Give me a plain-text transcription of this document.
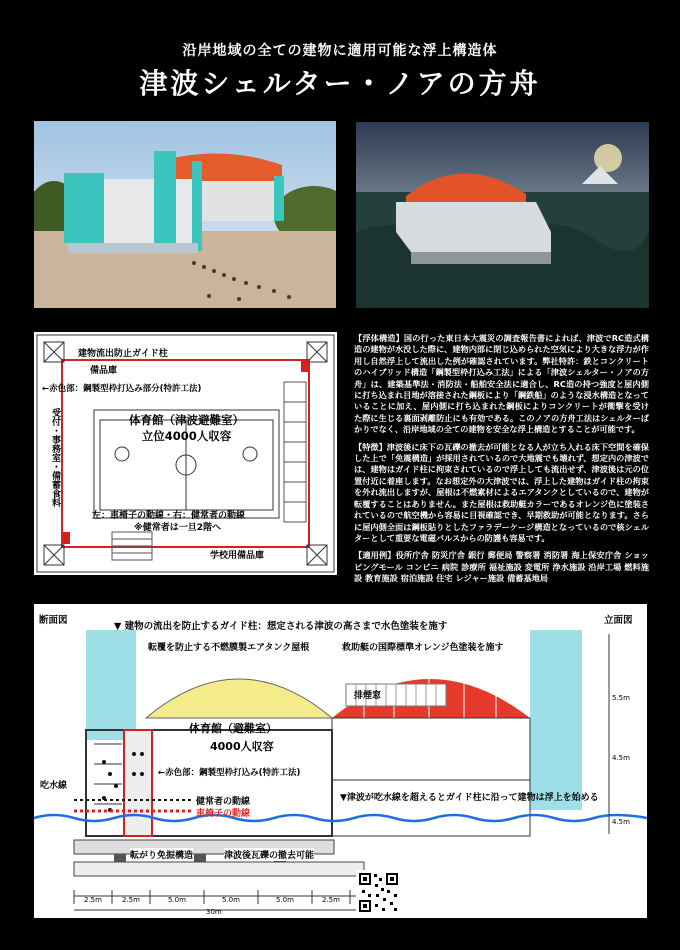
沿岸地域の全ての建物に適用可能な浮上構造体
津波シェルター・ノアの方舟
建物流出防止ガイド柱
備品庫
←赤色部：鋼製型枠打込み部分(特許工法)
受付・事務室・備蓄食料	体育館（津波避難室）
立位4000人収容
左：車椅子の動線・右：健常者の動線
※健常者は一旦2階へ
学校用備品庫

【浮体構造】国の行った東日本大震災の調査報告書によれば、津波でRC造式構造の建物が水没した際に、建物内部に閉じ込められた空気により大きな浮力が作用し自然浮上して流出した例が確認されています。弊社特許：鉄とコンクリートのハイブリッド構造「鋼製型枠打込み工法」による「津波シェルター・ノアの方舟」は、建築基準法・消防法・船舶安全法に適合し、RC造の持つ強度と屋内側に打ち込まれ目地が溶接された鋼板により「鋼鉄船」のような浸水構造となっていることに加え、屋内側に打ち込まれた鋼板によりコンクリートが衝撃を受けた際に生じる裏面剥離防止にも有効である。このノアの方舟工法はシェルターばかりでなく、沿岸地域の全ての建物を安全な浮上構造とすることが可能です。

【特徴】津波後に床下の瓦礫の撤去が可能となる人が立ち入れる床下空間を確保した上で「免震構造」が採用されているので大地震でも壊れず、想定内の津波では、建物はガイド柱に拘束されているので浮上しても流出せず、津波後は元の位置付近に着座します。なお想定外の大津波では、浮上した建物はガイド柱の拘束を外れ流出しますが、屋根は不燃素材によるエアタンクとしているので、建物が転覆することはありません。また屋根は救助艇カラーであるオレンジ色に塗装されているので航空機から容易に目視確認でき、早期救助が可能となります。さらに屋内側全面は鋼板貼りとしたファラデーケージ構造となっているので核シェルターとして重要な電磁パルスからの防護も容易です。

【適用例】役所庁舎 防災庁舎 銀行 郵便局 警察署 消防署 海上保安庁舎 ショッピングモール コンビニ 病院 診療所 福祉施設 変電所 浄水施設 沿岸工場 燃料施設 教育施設 宿泊施設 住宅 レジャー施設 備蓄基地局

断面図	立面図
▼ 建物の流出を防止するガイド柱：想定される津波の高さまで水色塗装を施す
転覆を防止する不燃膜製エアタンク屋根	救助艇の国際標準オレンジ色塗装を施す
排煙窓
体育館（避難室）
4000人収容
吃水線
←赤色部：鋼製型枠打込み(特許工法)
健常者の動線
車椅子の動線
▼津波が吃水線を超えるとガイド柱に沿って建物は浮上を始める
転がり免振構造	津波後瓦礫の撤去可能
2.5m	2.5m	5.0m	5.0m	5.0m	2.5m
30m
5.5m
4.5m
4.5m
株式会社 光都市綜合設計
